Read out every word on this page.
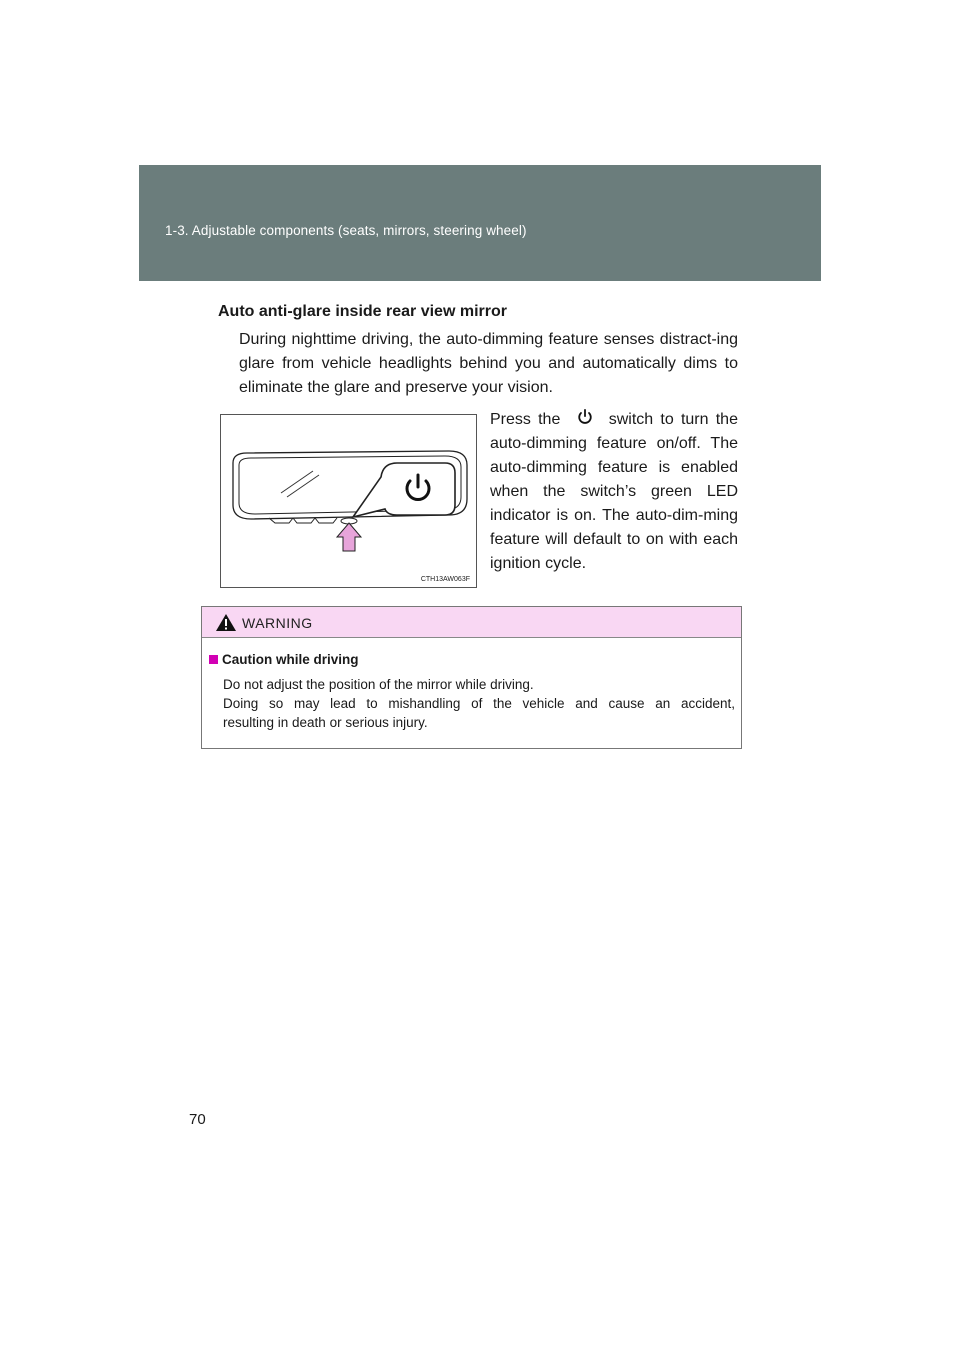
1-3. Adjustable components (seats, mirrors, steering wheel)
Auto anti-glare inside rear view mirror
During nighttime driving, the auto-dimming feature senses distract-ing glare from vehicle headlights behind you and automatically dims to eliminate the glare and preserve your vision.
CTH13AW063F
Press the	switch to turn the auto-dimming feature on/off. The auto-dimming feature is enabled when the switch’s green LED indicator is on. The auto-dim-ming feature will default to on with each ignition cycle.
WARNING
Caution while driving

Do not adjust the position of the mirror while driving.

Doing so may lead to mishandling of the vehicle and cause an accident,

resulting in death or serious injury.

70
